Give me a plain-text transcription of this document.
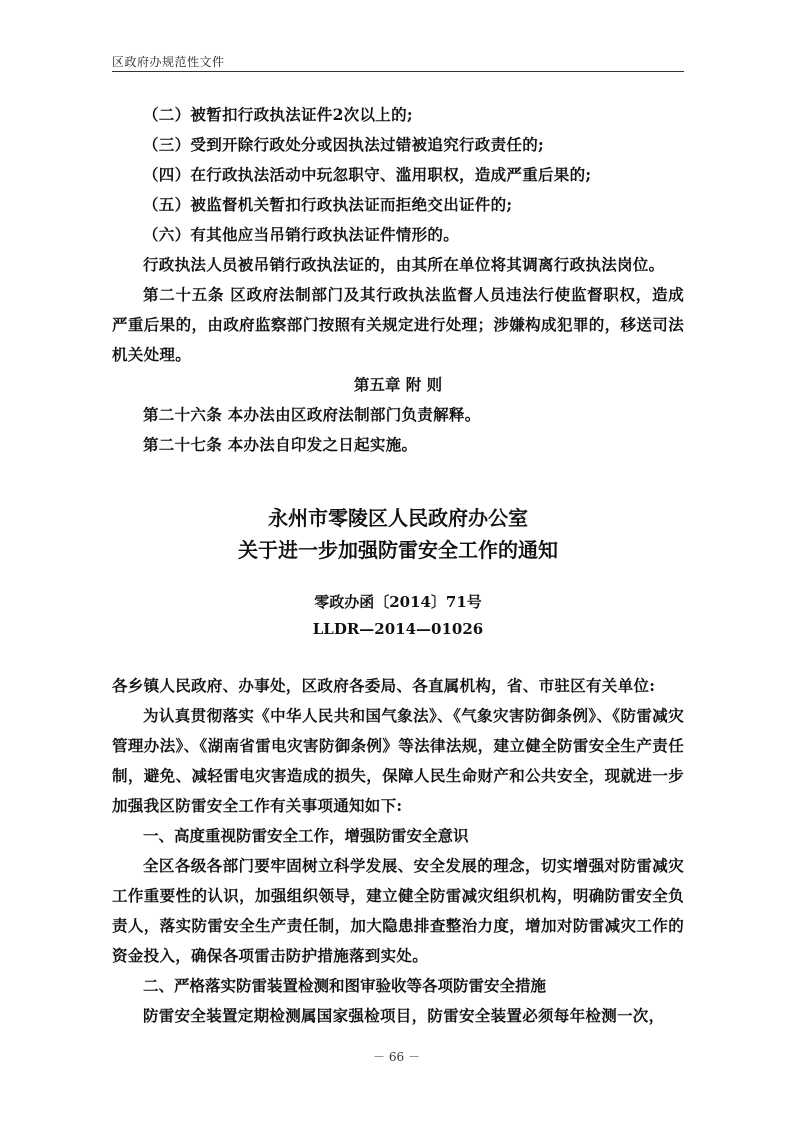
区政府办规范性文件

（二）被暂扣行政执法证件2次以上的;

（三）受到开除行政处分或因执法过错被追究行政责任的;

（四）在行政执法活动中玩忽职守、滥用职权，造成严重后果的;

（五）被监督机关暂扣行政执法证而拒绝交出证件的;

（六）有其他应当吊销行政执法证件情形的。

行政执法人员被吊销行政执法证的，由其所在单位将其调离行政执法岗位。

第二十五条 区政府法制部门及其行政执法监督人员违法行使监督职权，造成严重后果的，由政府监察部门按照有关规定进行处理；涉嫌构成犯罪的，移送司法机关处理。

第五章 附 则

第二十六条 本办法由区政府法制部门负责解释。

第二十七条 本办法自印发之日起实施。

永州市零陵区人民政府办公室

关于进一步加强防雷安全工作的通知

零政办函〔2014〕71号

LLDR—2014—01026

各乡镇人民政府、办事处，区政府各委局、各直属机构，省、市驻区有关单位:

为认真贯彻落实《中华人民共和国气象法》、《气象灾害防御条例》、《防雷减灾管理办法》、《湖南省雷电灾害防御条例》等法律法规，建立健全防雷安全生产责任制，避免、减轻雷电灾害造成的损失，保障人民生命财产和公共安全，现就进一步加强我区防雷安全工作有关事项通知如下:

一、高度重视防雷安全工作，增强防雷安全意识

全区各级各部门要牢固树立科学发展、安全发展的理念，切实增强对防雷减灾工作重要性的认识，加强组织领导，建立健全防雷减灾组织机构，明确防雷安全负责人，落实防雷安全生产责任制，加大隐患排查整治力度，增加对防雷减灾工作的资金投入，确保各项雷击防护措施落到实处。

二、严格落实防雷装置检测和图审验收等各项防雷安全措施

防雷安全装置定期检测属国家强检项目，防雷安全装置必须每年检测一次，

－ 66 －
